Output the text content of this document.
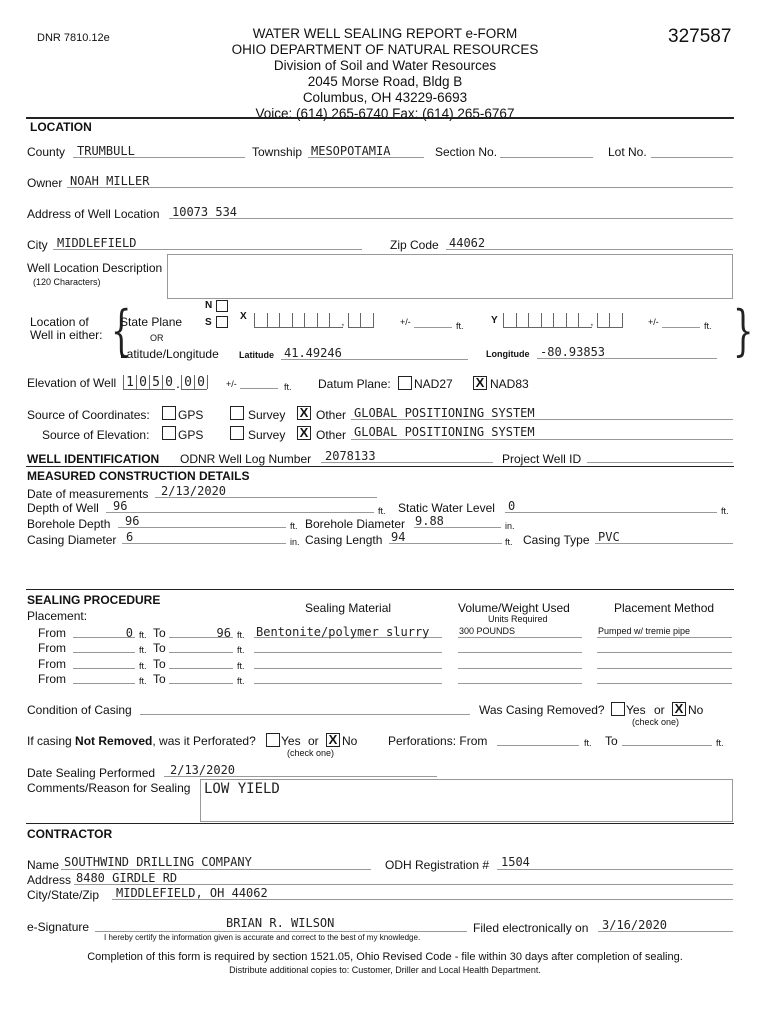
DNR 7810.12e	WATER WELL SEALING REPORT e-FORM
OHIO DEPARTMENT OF NATURAL RESOURCES
Division of Soil and Water Resources
2045 Morse Road, Bldg B
Columbus, OH 43229-6693
Voice: (614) 265-6740 Fax: (614) 265-6767
327587
LOCATION
County TRUMBULL	Township MESOPOTAMIA	Section No.	Lot No.
Owner NOAH MILLER
Address of Well Location 10073 534
City MIDDLEFIELD	Zip Code 44062
Well Location Description
(120 Characters)
Location of
Well in either: {
State Plane
OR
Latitude/Longitude
N
S
X
,	+/-	ft.	Y	,	+/-	ft. }
Latitude 41.49246	Longitude -80.93853
Elevation of Well 1 0 5 0 . 0 0 +/-	ft. Datum Plane: NAD27 X NAD83
Source of Coordinates: GPS	Survey X Other GLOBAL POSITIONING SYSTEM
Source of Elevation: GPS	Survey X Other GLOBAL POSITIONING SYSTEM
WELL IDENTIFICATION ODNR Well Log Number 2078133	Project Well ID
MEASURED CONSTRUCTION DETAILS
Date of measurements 2/13/2020
Depth of Well 96	ft. Static Water Level 0	ft.
Borehole Depth 96	ft. Borehole Diameter 9.88	in.
Casing Diameter 6	in. Casing Length 94	ft. Casing Type PVC
SEALING PROCEDURE
Placement:
Sealing Material	Volume/Weight Used
Units Required
Placement Method
From	0 ft. To	96 ft. Bentonite/polymer slurry	300 POUNDS	Pumped w/ tremie pipe
From	ft. To	ft.
From	ft. To	ft.
From	ft. To	ft.
Condition of Casing	Was Casing Removed? Yes or X No
(check one)
If casing Not Removed, was it Perforated? Yes or X No
(check one)
Perforations: From	ft. To	ft.
Date Sealing Performed 2/13/2020
Comments/Reason for Sealing LOW YIELD
CONTRACTOR
Name SOUTHWIND DRILLING COMPANY	ODH Registration # 1504
Address 8480 GIRDLE RD
City/State/Zip MIDDLEFIELD, OH 44062
e-Signature	BRIAN R. WILSON
I hereby certify the information given is accurate and correct to the best of my knowledge.
Filed electronically on 3/16/2020
Completion of this form is required by section 1521.05, Ohio Revised Code - file within 30 days after completion of sealing.
Distribute additional copies to: Customer, Driller and Local Health Department.
